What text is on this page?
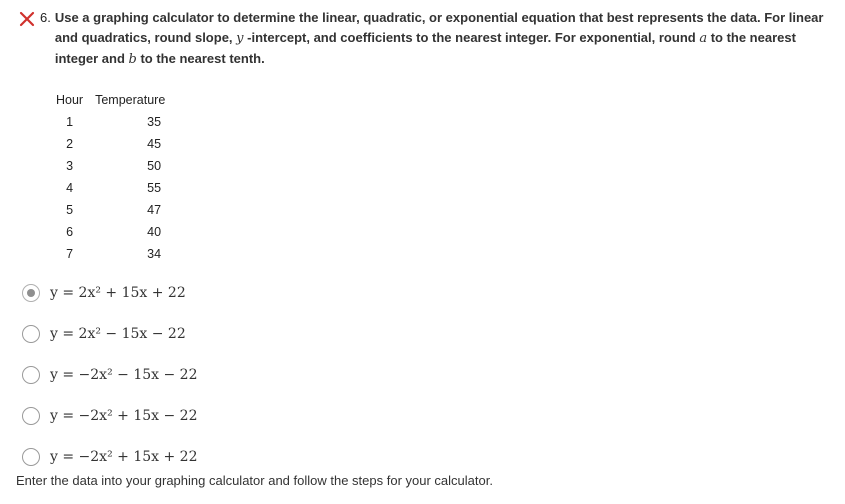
6. Use a graphing calculator to determine the linear, quadratic, or exponential equation that best represents the data. For linear and quadratics, round slope, y -intercept, and coefficients to the nearest integer. For exponential, round a to the nearest integer and b to the nearest tenth.
Hour	Temperature
1	35
2	45
3	50
4	55
5	47
6	40
7	34
y = 2x² + 15x + 22
y = 2x² − 15x − 22
y = −2x² − 15x − 22
y = −2x² + 15x − 22
y = −2x² + 15x + 22
Enter the data into your graphing calculator and follow the steps for your calculator.
